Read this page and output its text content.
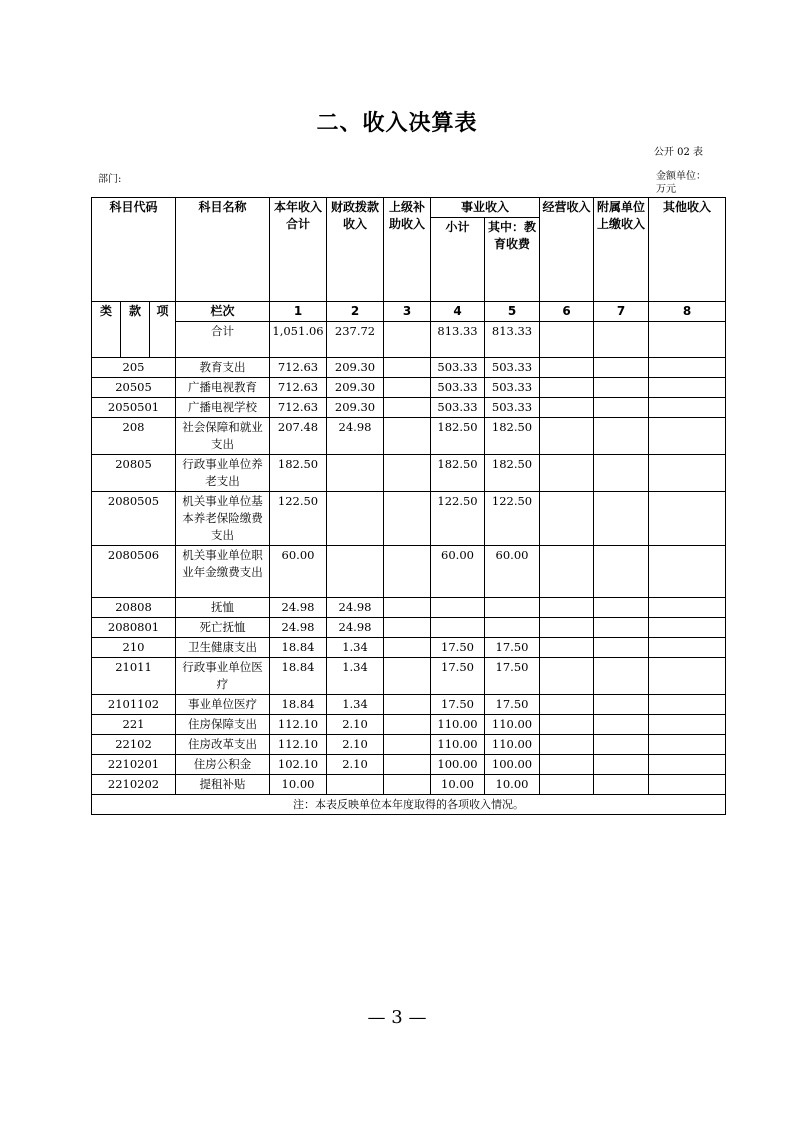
二、收入决算表
公开 02 表
部门:	金额单位：万元
科目代码			科目名称	本年收入合计	财政拨款收入	上级补助收入	事业收入		经营收入	附属单位上缴收入	其他收入
							小计	其中：教育收费			
类	款	项	栏次	1	2	3	4	5	6	7	8
			合计	1,051.06	237.72		813.33	813.33			
205			教育支出	712.63	209.30		503.33	503.33			
20505			广播电视教育	712.63	209.30		503.33	503.33			
2050501			广播电视学校	712.63	209.30		503.33	503.33			
208			社会保障和就业支出	207.48	24.98		182.50	182.50			
20805			行政事业单位养老支出	182.50			182.50	182.50			
2080505			机关事业单位基本养老保险缴费支出	122.50			122.50	122.50			
2080506			机关事业单位职业年金缴费支出	60.00			60.00	60.00			
20808			抚恤	24.98	24.98						
2080801			死亡抚恤	24.98	24.98						
210			卫生健康支出	18.84	1.34		17.50	17.50			
21011			行政事业单位医疗	18.84	1.34		17.50	17.50			
2101102			事业单位医疗	18.84	1.34		17.50	17.50			
221			住房保障支出	112.10	2.10		110.00	110.00			
22102			住房改革支出	112.10	2.10		110.00	110.00			
2210201			住房公积金	102.10	2.10		100.00	100.00			
2210202			提租补贴	10.00			10.00	10.00			
注：本表反映单位本年度取得的各项收入情况。											
— 3 —
